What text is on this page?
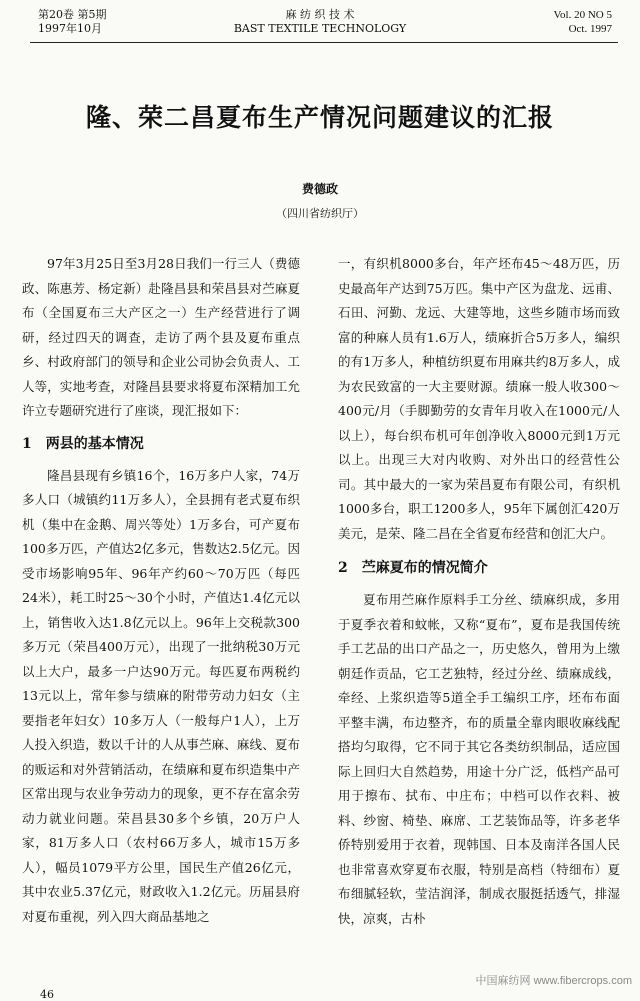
第20卷 第5期
1997年10月
麻 纺 织 技 术
BAST TEXTILE TECHNOLOGY
Vol. 20 NO 5
Oct. 1997
隆、荣二昌夏布生产情况问题建议的汇报
费德政
（四川省纺织厅）

97年3月25日至3月28日我们一行三人（费德政、陈惠芳、杨定新）赴隆昌县和荣昌县对苎麻夏布（全国夏布三大产区之一）生产经营进行了调研，经过四天的调查，走访了两个县及夏布重点乡、村政府部门的领导和企业公司协会负责人、工人等，实地考查，对隆昌县要求将夏布深精加工允许立专题研究进行了座谈，现汇报如下：

1 两县的基本情况

隆昌县现有乡镇16个，16万多户人家，74万多人口（城镇约11万多人），全县拥有老式夏布织机（集中在金鹅、周兴等处）1万多台，可产夏布100多万匹，产值达2亿多元，售数达2.5亿元。因受市场影响95年、96年产约60～70万匹（每匹24米），耗工时25～30个小时，产值达1.4亿元以上，销售收入达1.8亿元以上。96年上交税款300多万元（荣昌400万元），出现了一批纳税30万元以上大户，最多一户达90万元。每匹夏布两税约13元以上，常年参与绩麻的附带劳动力妇女（主要指老年妇女）10多万人（一般每户1人），上万人投入织造，数以千计的人从事苎麻、麻线、夏布的贩运和对外营销活动，在绩麻和夏布织造集中产区常出现与农业争劳动力的现象，更不存在富余劳动力就业问题。荣昌县30多个乡镇，20万户人家，81万多人口（农村66万多人，城市15万多人），幅员1079平方公里，国民生产值26亿元，其中农业5.37亿元，财政收入1.2亿元。历届县府对夏布重视，列入四大商品基地之

一，有织机8000多台，年产坯布45～48万匹，历史最高年产达到75万匹。集中产区为盘龙、远甫、石田、河勤、龙远、大建等地，这些乡随市场而致富的种麻人员有1.6万人，绩麻折合5万多人，编织的有1万多人，种植纺织夏布用麻共约8万多人，成为农民致富的一大主要财源。绩麻一般人收300～400元/月（手脚勤劳的女青年月收入在1000元/人以上），每台织布机可年创净收入8000元到1万元以上。出现三大对内收购、对外出口的经营性公司。其中最大的一家为荣昌夏布有限公司，有织机1000多台，职工1200多人，95年下属创汇420万美元，是荣、隆二昌在全省夏布经营和创汇大户。

2 苎麻夏布的情况简介

夏布用苎麻作原料手工分丝、绩麻织成，多用于夏季衣着和蚊帐，又称“夏布”，夏布是我国传统手工艺品的出口产品之一，历史悠久，曾用为上缴朝廷作贡品，它工艺独特，经过分丝、绩麻成线，牵经、上浆织造等5道全手工编织工序，坯布布面平整丰满，布边整齐，布的质量全靠肉眼收麻线配搭均匀取得，它不同于其它各类纺织制品，适应国际上回归大自然趋势，用途十分广泛，低档产品可用于擦布、拭布、中庄布；中档可以作衣料、被料、纱窗、椅垫、麻席、工艺装饰品等，许多老华侨特别爱用于衣着，现韩国、日本及南洋各国人民也非常喜欢穿夏布衣服，特别是高档（特细布）夏布细腻轻软，莹洁润泽，制成衣服挺括透气，排湿快，凉爽，古朴

46
中国麻纺网 www.fibercrops.com
